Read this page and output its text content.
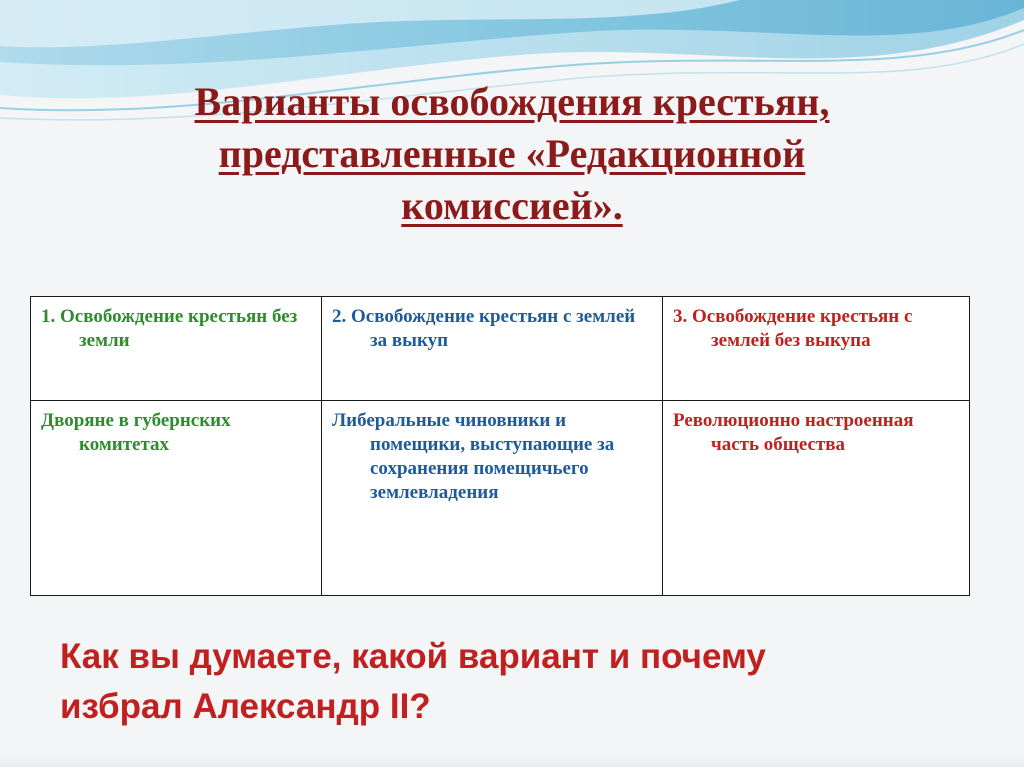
Варианты освобождения крестьян,
представленные «Редакционной
комиссией».
1. Освобождение крестьян без земли	2. Освобождение крестьян с землей за выкуп	3. Освобождение крестьян с землей без выкупа

Дворяне в губернских комитетах	Либеральные чиновники и помещики, выступающие за сохранения помещичьего землевладения	Революционно настроенная часть общества

Как вы думаете, какой вариант и почему
избрал Александр II?
